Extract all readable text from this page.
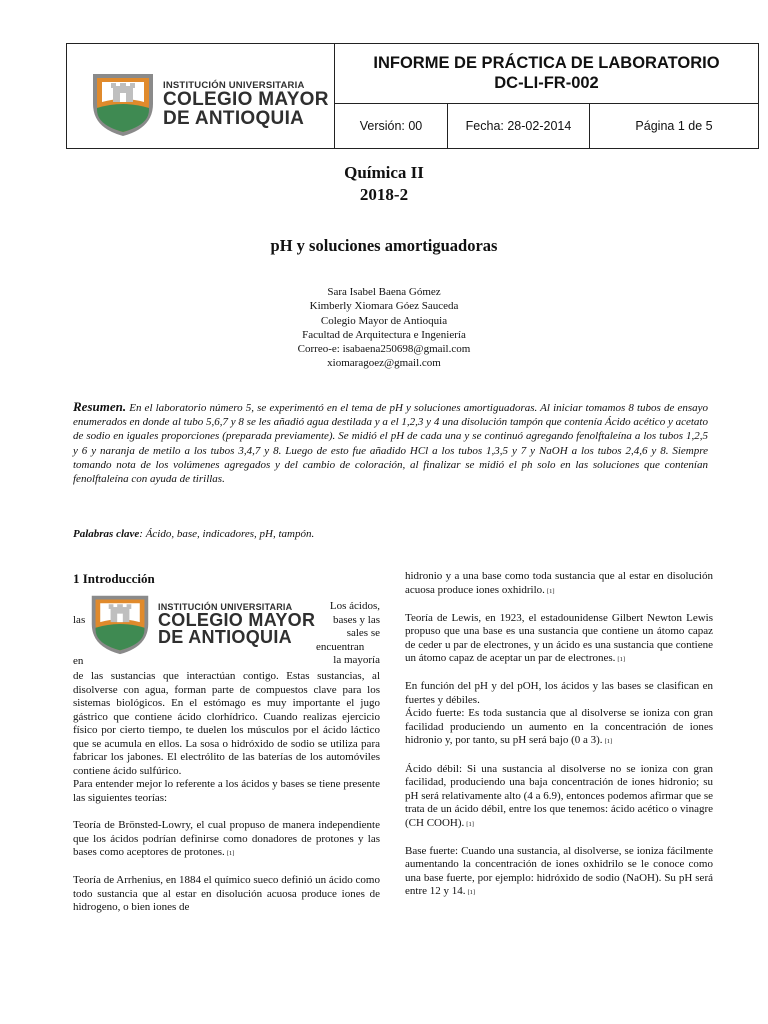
INSTITUCIÓN UNIVERSITARIA
COLEGIO MAYOR
DE ANTIOQUIA
INFORME DE PRÁCTICA DE LABORATORIO
DC-LI-FR-002
Versión: 00	Fecha: 28-02-2014	Página 1 de 5
Química II
2018-2
pH y soluciones amortiguadoras
Sara Isabel Baena Gómez
Kimberly Xiomara Góez Sauceda
Colegio Mayor de Antioquia
Facultad de Arquitectura e Ingeniería
Correo-e: isabaena250698@gmail.com
xiomaragoez@gmail.com
Resumen. En el laboratorio número 5, se experimentó en el tema de pH y soluciones amortiguadoras. Al iniciar tomamos 8 tubos de ensayo enumerados en donde al tubo 5,6,7 y 8 se les añadió agua destilada y a el 1,2,3 y 4 una disolución tampón que contenía Ácido acético y acetato de sodio en iguales proporciones (preparada previamente). Se midió el pH de cada una y se continuó agregando fenolftaleína a los tubos 1,2,5 y 6 y naranja de metilo a los tubos 3,4,7 y 8. Luego de esto fue añadido HCl a los tubos 1,3,5 y 7 y NaOH a los tubos 2,4,6 y 8. Siempre tomando nota de los volúmenes agregados y del cambio de coloración, al finalizar se midió el ph solo en las soluciones que contenían fenolftaleína con ayuda de tirillas.
Palabras clave: Ácido, base, indicadores, pH, tampón.
1 Introducción
INSTITUCIÓN UNIVERSITARIA
COLEGIO MAYOR
DE ANTIOQUIA
Los ácidos,
bases y las
sales se
encuentran
la mayoría
las
en

de las sustancias que interactúan contigo. Estas sustancias, al disolverse con agua, forman parte de compuestos clave para los sistemas biológicos. En el estómago es muy importante el jugo gástrico que contiene ácido clorhídrico. Cuando realizas ejercicio físico por cierto tiempo, te duelen los músculos por el ácido láctico que se acumula en ellos. La sosa o hidróxido de sodio se utiliza para fabricar los jabones. El electrólito de las baterías de los automóviles contiene ácido sulfúrico.

Para entender mejor lo referente a los ácidos y bases se tiene presente las siguientes teorías:

Teoría de Brönsted-Lowry, el cual propuso de manera independiente que los ácidos podrían definirse como donadores de protones y las bases como aceptores de protones. [1]

Teoría de Arrhenius, en 1884 el químico sueco definió un ácido como todo sustancia que al estar en disolución acuosa produce iones de hidrogeno, o bien iones de

hidronio y a una base como toda sustancia que al estar en disolución acuosa produce iones oxhidrilo. [1]

Teoría de Lewis, en 1923, el estadounidense Gilbert Newton Lewis propuso que una base es una sustancia que contiene un átomo capaz de ceder u par de electrones, y un ácido es una sustancia que contiene un átomo capaz de aceptar un par de electrones. [1]

En función del pH y del pOH, los ácidos y las bases se clasifican en fuertes y débiles.

Ácido fuerte: Es toda sustancia que al disolverse se ioniza con gran facilidad produciendo un aumento en la concentración de iones hidronio y, por tanto, su pH será bajo (0 a 3). [1]

Ácido débil: Si una sustancia al disolverse no se ioniza con gran facilidad, produciendo una baja concentración de iones hidronio; su pH será relativamente alto (4 a 6.9), entonces podemos afirmar que se trata de un ácido débil, entre los que tenemos: ácido acético o vinagre (CH COOH). [1]

Base fuerte: Cuando una sustancia, al disolverse, se ioniza fácilmente aumentando la concentración de iones oxhidrilo se le conoce como una base fuerte, por ejemplo: hidróxido de sodio (NaOH). Su pH será entre 12 y 14. [1]
